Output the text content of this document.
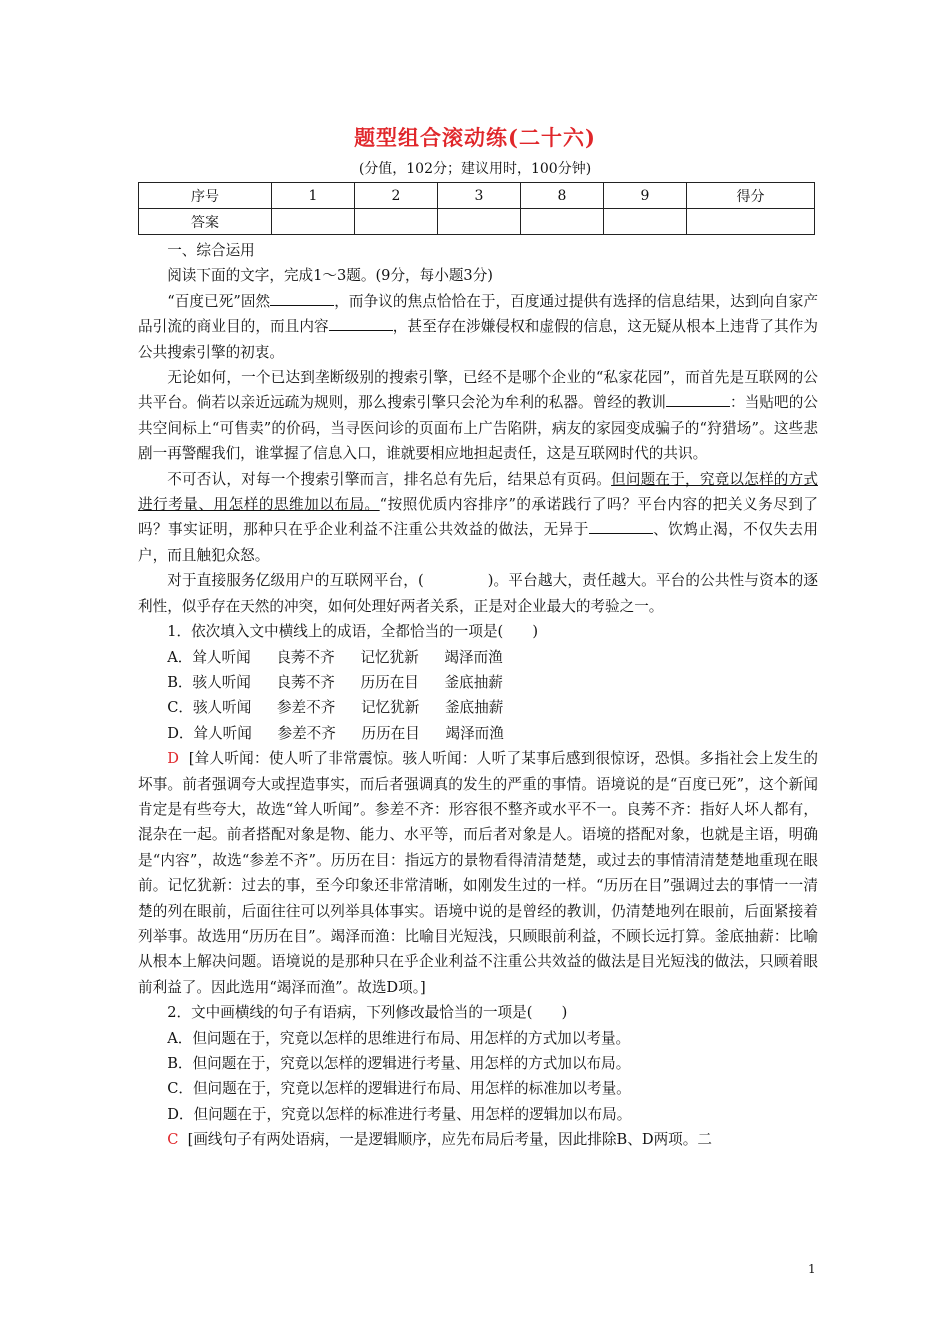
题型组合滚动练(二十六)
(分值，102分；建议用时，100分钟)
序号	1	2	3	8	9	得分
答案						

一、综合运用

阅读下面的文字，完成1～3题。(9分，每小题3分)

“百度已死”固然	，而争议的焦点恰恰在于，百度通过提供有选择的信息结果，达到向自家产品引流的商业目的，而且内容	，甚至存在涉嫌侵权和虚假的信息，这无疑从根本上违背了其作为公共搜索引擎的初衷。

无论如何，一个已达到垄断级别的搜索引擎，已经不是哪个企业的“私家花园”，而首先是互联网的公共平台。倘若以亲近远疏为规则，那么搜索引擎只会沦为牟利的私器。曾经的教训	：当贴吧的公共空间标上“可售卖”的价码，当寻医问诊的页面布上广告陷阱，病友的家园变成骗子的“狩猎场”。这些悲剧一再警醒我们，谁掌握了信息入口，谁就要相应地担起责任，这是互联网时代的共识。

不可否认，对每一个搜索引擎而言，排名总有先后，结果总有页码。但问题在于，究竟以怎样的方式进行考量、用怎样的思维加以布局。“按照优质内容排序”的承诺践行了吗？平台内容的把关义务尽到了吗？事实证明，那种只在乎企业利益不注重公共效益的做法，无异于	、饮鸩止渴，不仅失去用户，而且触犯众怒。

对于直接服务亿级用户的互联网平台，(	)。平台越大，责任越大。平台的公共性与资本的逐利性，似乎存在天然的冲突，如何处理好两者关系，正是对企业最大的考验之一。

1．依次填入文中横线上的成语，全都恰当的一项是(　　)

A．耸人听闻 良莠不齐 记忆犹新 竭泽而渔

B．骇人听闻 良莠不齐 历历在目 釜底抽薪

C．骇人听闻 参差不齐 记忆犹新 釜底抽薪

D．耸人听闻 参差不齐 历历在目 竭泽而渔

D [耸人听闻：使人听了非常震惊。骇人听闻：人听了某事后感到很惊讶，恐惧。多指社会上发生的坏事。前者强调夸大或捏造事实，而后者强调真的发生的严重的事情。语境说的是“百度已死”，这个新闻肯定是有些夸大，故选“耸人听闻”。参差不齐：形容很不整齐或水平不一。良莠不齐：指好人坏人都有，混杂在一起。前者搭配对象是物、能力、水平等，而后者对象是人。语境的搭配对象，也就是主语，明确是“内容”，故选“参差不齐”。历历在目：指远方的景物看得清清楚楚，或过去的事情清清楚楚地重现在眼前。记忆犹新：过去的事，至今印象还非常清晰，如刚发生过的一样。“历历在目”强调过去的事情一一清楚的列在眼前，后面往往可以列举具体事实。语境中说的是曾经的教训，仍清楚地列在眼前，后面紧接着列举事。故选用“历历在目”。竭泽而渔：比喻目光短浅，只顾眼前利益，不顾长远打算。釜底抽薪：比喻从根本上解决问题。语境说的是那种只在乎企业利益不注重公共效益的做法是目光短浅的做法，只顾着眼前利益了。因此选用“竭泽而渔”。故选D项。]

2．文中画横线的句子有语病，下列修改最恰当的一项是(　　)

A．但问题在于，究竟以怎样的思维进行布局、用怎样的方式加以考量。

B．但问题在于，究竟以怎样的逻辑进行考量、用怎样的方式加以布局。

C．但问题在于，究竟以怎样的逻辑进行布局、用怎样的标准加以考量。

D．但问题在于，究竟以怎样的标准进行考量、用怎样的逻辑加以布局。

C [画线句子有两处语病，一是逻辑顺序，应先布局后考量，因此排除B、D两项。二

1
